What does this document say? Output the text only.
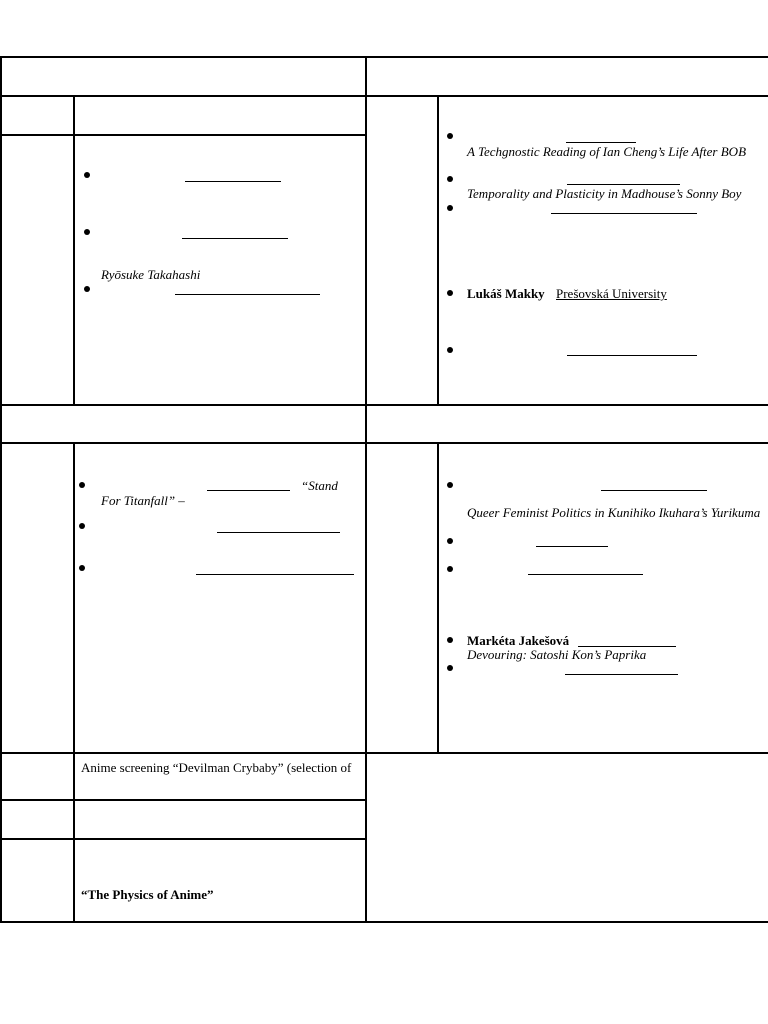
Ryōsuke Takahashi
A Techgnostic Reading of Ian Cheng’s Life After BOB
Temporality and Plasticity in Madhouse’s Sonny Boy
Lukáš Makky Prešovská University
“Stand
For Titanfall” –
Queer Feminist Politics in Kunihiko Ikuhara’s Yurikuma
Markéta Jakešová
Devouring: Satoshi Kon’s Paprika
Anime screening “Devilman Crybaby” (selection of
“The Physics of Anime”
